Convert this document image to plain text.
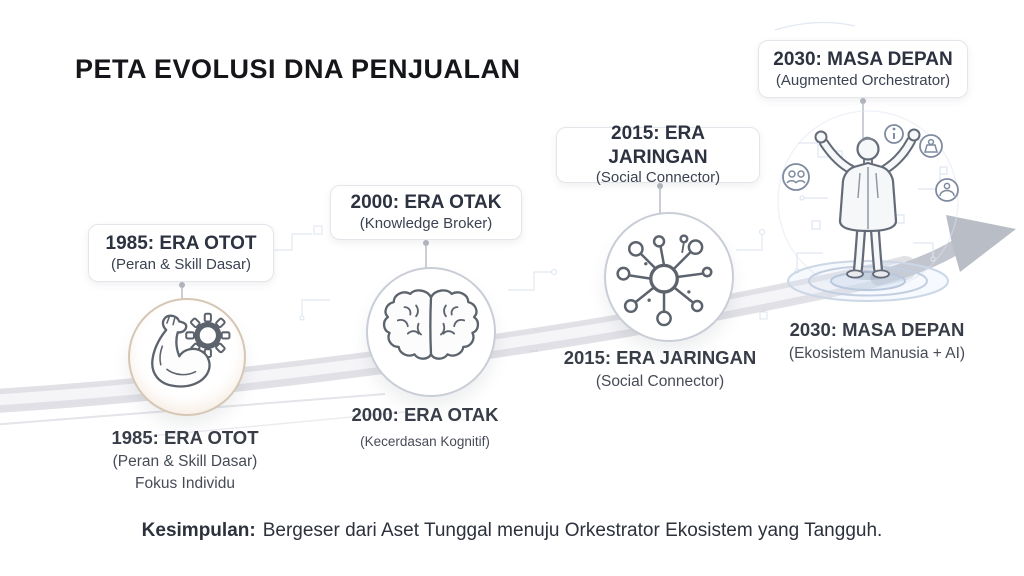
PETA EVOLUSI DNA PENJUALAN
1985: ERA OTOT
(Peran & Skill Dasar)
1985: ERA OTOT
(Peran & Skill Dasar)
Fokus Individu
2000: ERA OTAK
(Knowledge Broker)
2000: ERA OTAK
(Kecerdasan Kognitif)
2015: ERA JARINGAN
(Social Connector)
2015: ERA JARINGAN
(Social Connector)
2030: MASA DEPAN
(Augmented Orchestrator)
2030: MASA DEPAN
(Ekosistem Manusia + AI)
Kesimpulan: Bergeser dari Aset Tunggal menuju Orkestrator Ekosistem yang Tangguh.
